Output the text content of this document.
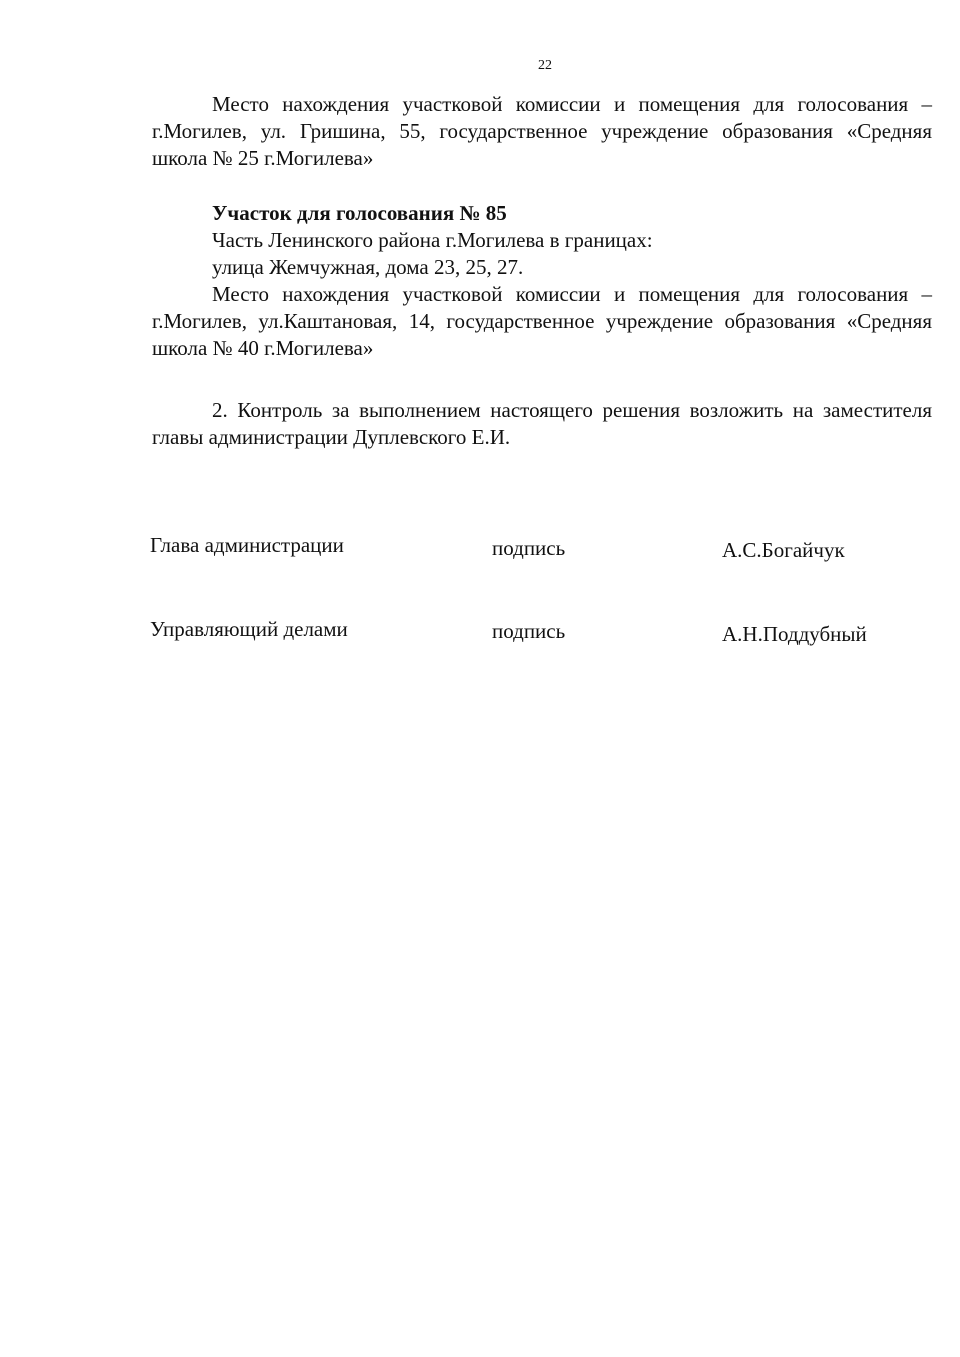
22

Место нахождения участковой комиссии и помещения для голосования – г.Могилев, ул. Гришина, 55, государственное учреждение образования «Средняя школа № 25 г.Могилева»

Участок для голосования № 85
Часть Ленинского района г.Могилева в границах:
улица Жемчужная, дома 23, 25, 27.

Место нахождения участковой комиссии и помещения для голосования – г.Могилев, ул.Каштановая, 14, государственное учреждение образования «Средняя школа № 40 г.Могилева»

2. Контроль за выполнением настоящего решения возложить на заместителя главы администрации Дуплевского Е.И.

Глава администрации	подпись	А.С.Богайчук
Управляющий делами	подпись	А.Н.Поддубный
